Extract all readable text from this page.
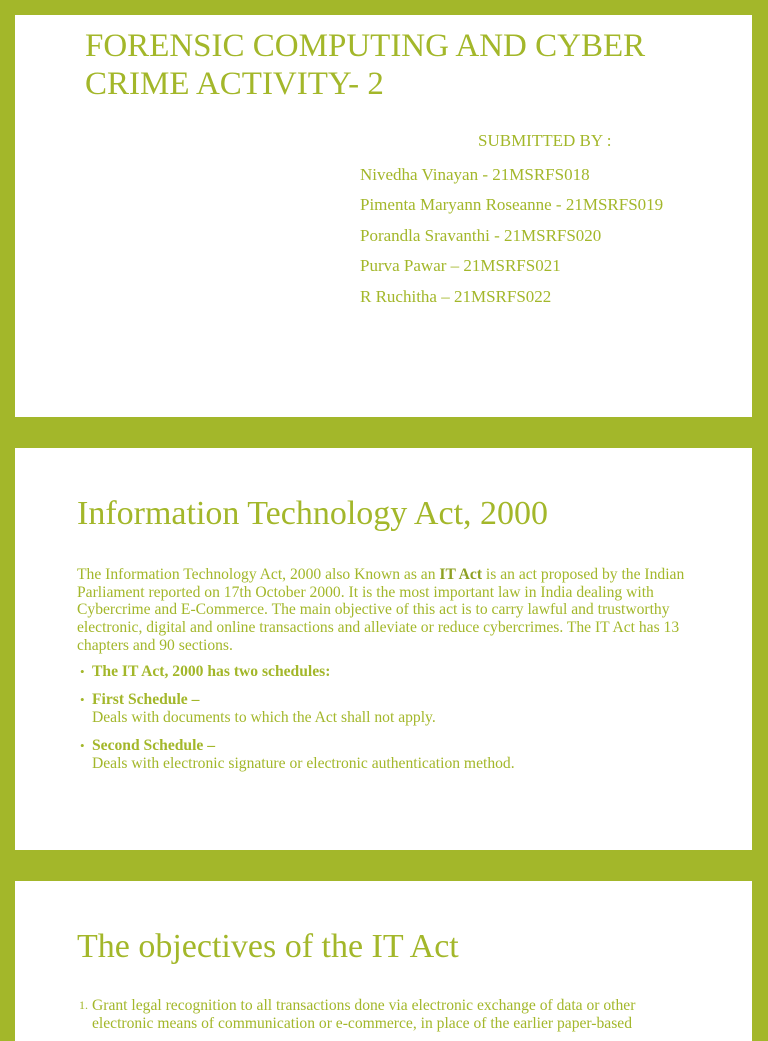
FORENSIC COMPUTING AND CYBER CRIME ACTIVITY- 2
SUBMITTED BY :
Nivedha Vinayan - 21MSRFS018
Pimenta Maryann Roseanne - 21MSRFS019
Porandla Sravanthi - 21MSRFS020
Purva Pawar – 21MSRFS021
R Ruchitha – 21MSRFS022
Information Technology Act, 2000

The Information Technology Act, 2000 also Known as an IT Act is an act proposed by the Indian Parliament reported on 17th October 2000. It is the most important law in India dealing with Cybercrime and E-Commerce. The main objective of this act is to carry lawful and trustworthy electronic, digital and online transactions and alleviate or reduce cybercrimes. The IT Act has 13 chapters and 90 sections.

• The IT Act, 2000 has two schedules:
• First Schedule –
Deals with documents to which the Act shall not apply.
• Second Schedule –
Deals with electronic signature or electronic authentication method.
The objectives of the IT Act
1. Grant legal recognition to all transactions done via electronic exchange of data or other electronic means of communication or e-commerce, in place of the earlier paper-based
